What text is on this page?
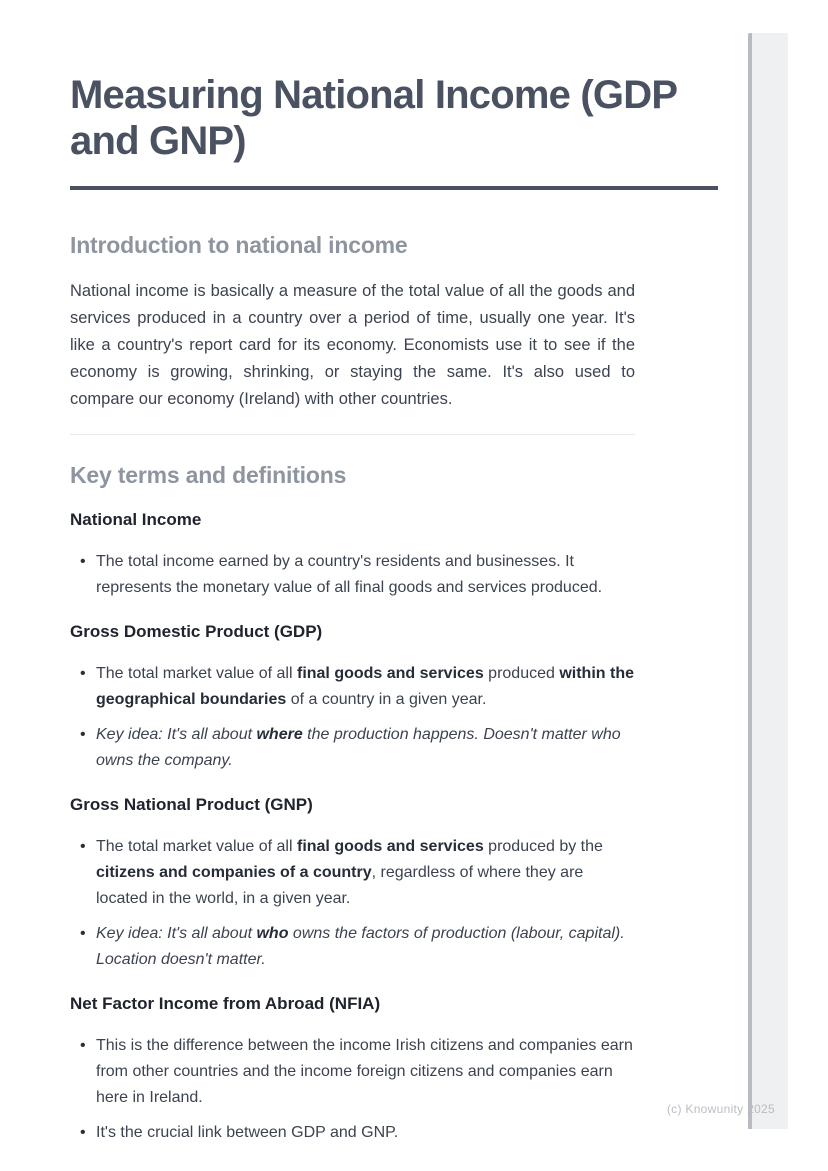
Measuring National Income (GDP and GNP)
Introduction to national income

National income is basically a measure of the total value of all the goods and services produced in a country over a period of time, usually one year. It's like a country's report card for its economy. Economists use it to see if the economy is growing, shrinking, or staying the same. It's also used to compare our economy (Ireland) with other countries.

Key terms and definitions
National Income
• The total income earned by a country's residents and businesses. It represents the monetary value of all final goods and services produced.
Gross Domestic Product (GDP)
• The total market value of all final goods and services produced within the geographical boundaries of a country in a given year.
• Key idea: It's all about where the production happens. Doesn't matter who owns the company.
Gross National Product (GNP)
• The total market value of all final goods and services produced by the citizens and companies of a country, regardless of where they are located in the world, in a given year.
• Key idea: It's all about who owns the factors of production (labour, capital). Location doesn't matter.
Net Factor Income from Abroad (NFIA)
• This is the difference between the income Irish citizens and companies earn from other countries and the income foreign citizens and companies earn here in Ireland.
• It's the crucial link between GDP and GNP.
(c) Knowunity 2025
